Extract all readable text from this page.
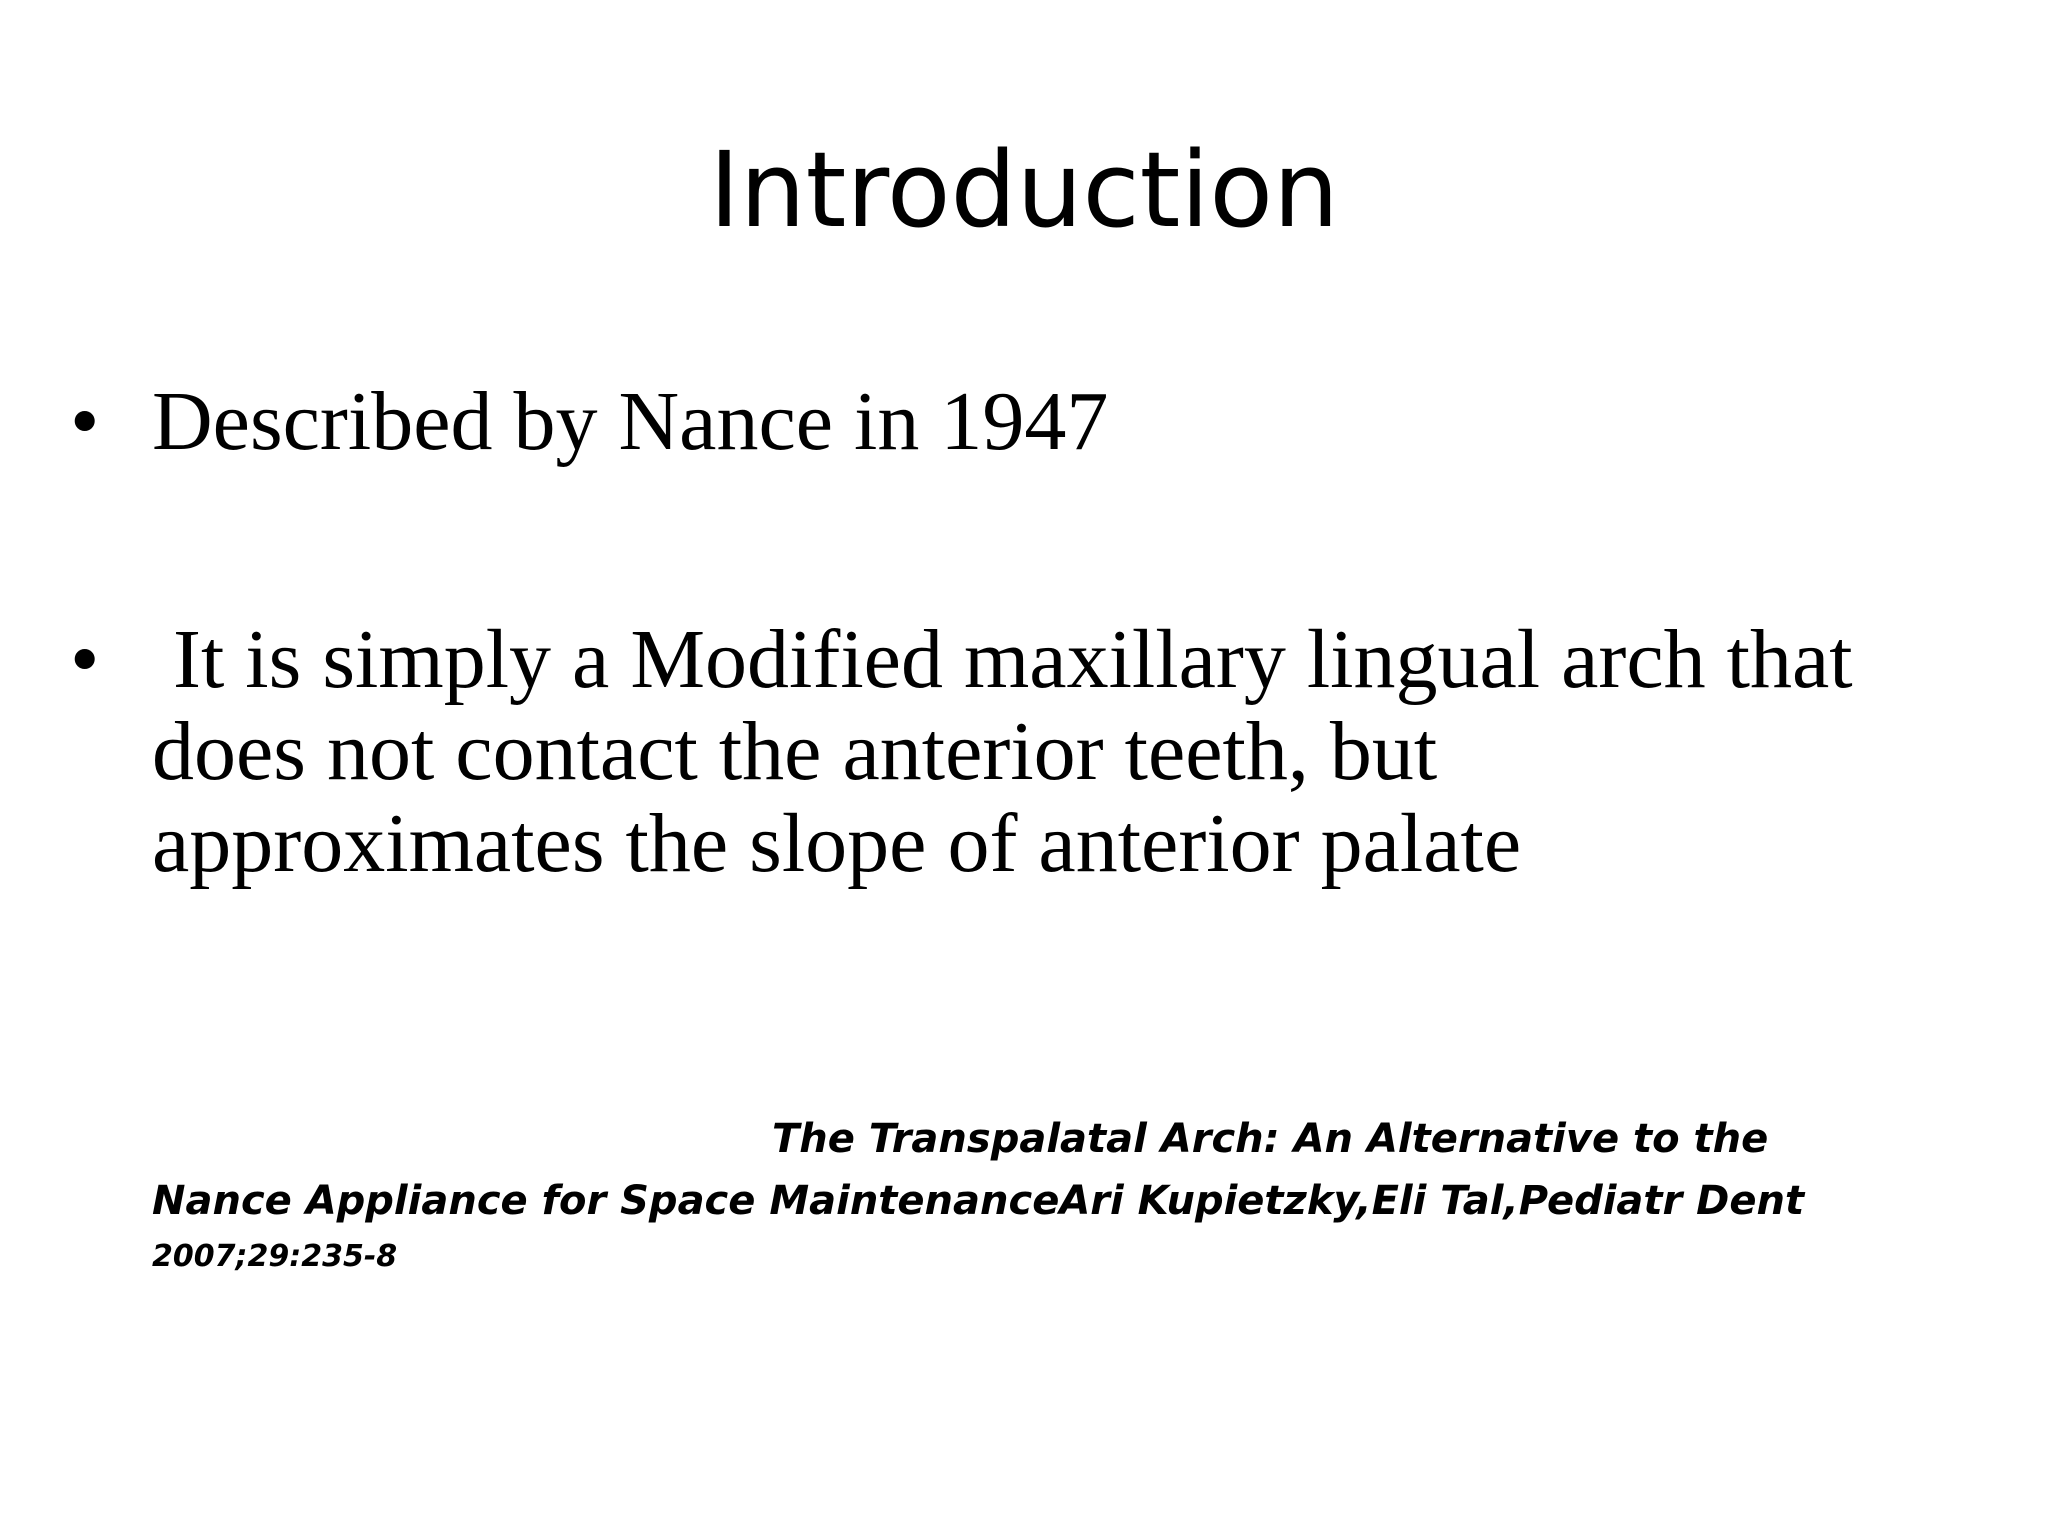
Introduction
• Described by Nance in 1947
• It is simply a Modified maxillary lingual arch that does not contact the anterior teeth, but approximates the slope of anterior palate
The Transpalatal Arch: An Alternative to the
Nance Appliance for Space MaintenanceAri Kupietzky,Eli Tal,Pediatr Dent
2007;29:235-8
